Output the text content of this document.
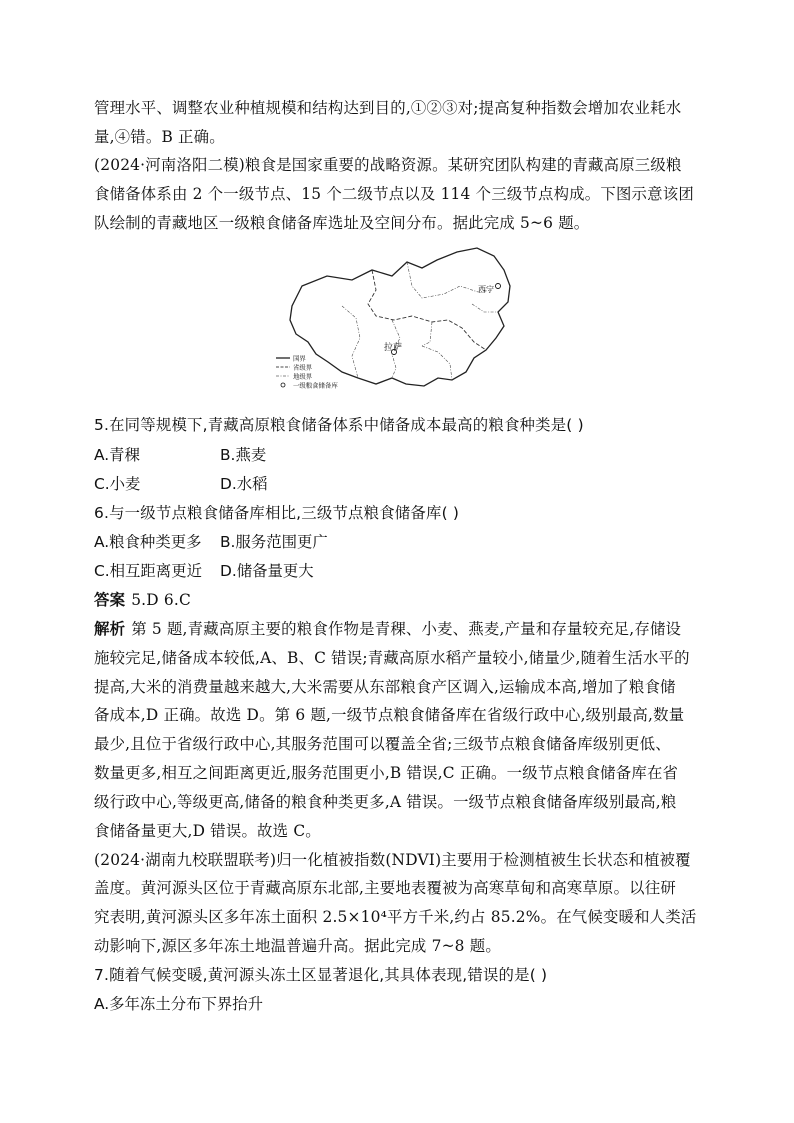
管理水平、调整农业种植规模和结构达到目的,①②③对;提高复种指数会增加农业耗水
量,④错。B 正确。
(2024·河南洛阳二模)粮食是国家重要的战略资源。某研究团队构建的青藏高原三级粮
食储备体系由 2 个一级节点、15 个二级节点以及 114 个三级节点构成。下图示意该团
队绘制的青藏地区一级粮食储备库选址及空间分布。据此完成 5~6 题。
西宁
拉萨
国界
省级界
地级界
一级粮食储备库
5.在同等规模下,青藏高原粮食储备体系中储备成本最高的粮食种类是( )
A.青稞	B.燕麦
C.小麦	D.水稻
6.与一级节点粮食储备库相比,三级节点粮食储备库( )
A.粮食种类更多 B.服务范围更广
C.相互距离更近 D.储备量更大
答案 5.D 6.C
解析 第 5 题,青藏高原主要的粮食作物是青稞、小麦、燕麦,产量和存量较充足,存储设
施较完足,储备成本较低,A、B、C 错误;青藏高原水稻产量较小,储量少,随着生活水平的
提高,大米的消费量越来越大,大米需要从东部粮食产区调入,运输成本高,增加了粮食储
备成本,D 正确。故选 D。第 6 题,一级节点粮食储备库在省级行政中心,级别最高,数量
最少,且位于省级行政中心,其服务范围可以覆盖全省;三级节点粮食储备库级别更低、
数量更多,相互之间距离更近,服务范围更小,B 错误,C 正确。一级节点粮食储备库在省
级行政中心,等级更高,储备的粮食种类更多,A 错误。一级节点粮食储备库级别最高,粮
食储备量更大,D 错误。故选 C。
(2024·湖南九校联盟联考)归一化植被指数(NDVI)主要用于检测植被生长状态和植被覆
盖度。黄河源头区位于青藏高原东北部,主要地表覆被为高寒草甸和高寒草原。以往研
究表明,黄河源头区多年冻土面积 2.5×10⁴平方千米,约占 85.2%。在气候变暖和人类活
动影响下,源区多年冻土地温普遍升高。据此完成 7~8 题。
7.随着气候变暖,黄河源头冻土区显著退化,其具体表现,错误的是( )
A.多年冻土分布下界抬升
